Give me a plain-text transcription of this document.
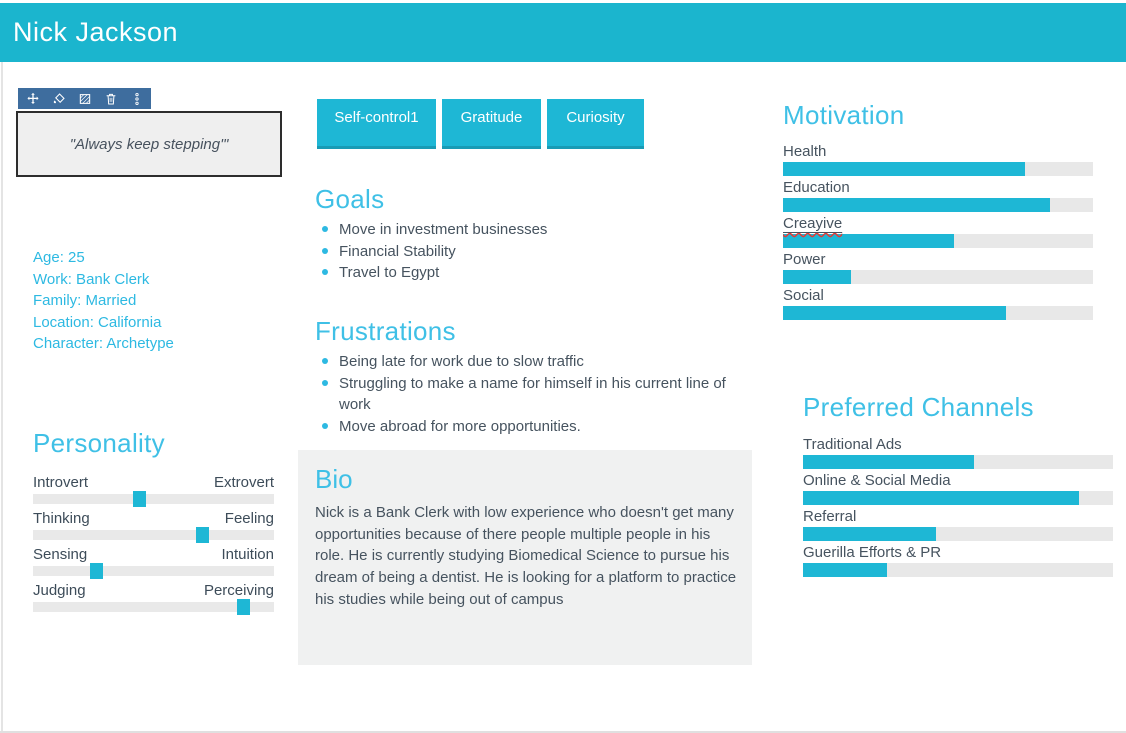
Nick Jackson
"Always keep stepping'"
Age: 25
Work: Bank Clerk
Family: Married
Location: California
Character: Archetype
Personality
Introvert	Extrovert
Thinking	Feeling
Sensing	Intuition
Judging	Perceiving
Self-control1	Gratitude	Curiosity
Goals
Move in investment businesses
Financial Stability
Travel to Egypt
Frustrations
Being late for work due to slow traffic
Struggling to make a name for himself in his current line of work
Move abroad for more opportunities.
Bio
Nick is a Bank Clerk with low experience who doesn't get many opportunities because of there people multiple people in his role. He is currently studying Biomedical Science to pursue his dream of being a dentist. He is looking for a platform to practice his studies while being out of campus
Motivation
Health
Education
Creayive
Power
Social
Preferred Channels
Traditional Ads
Online & Social Media
Referral
Guerilla Efforts & PR
